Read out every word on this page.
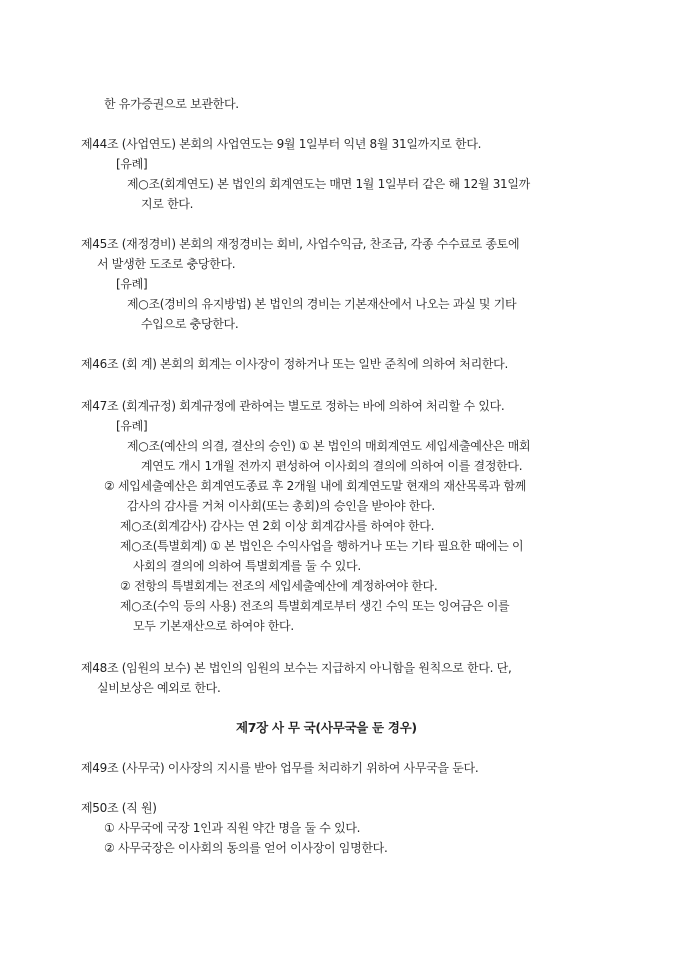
한 유가증권으로 보관한다.
제44조 (사업연도) 본회의 사업연도는 9월 1일부터 익년 8월 31일까지로 한다.
[유례]
제○조(회계연도) 본 법인의 회계연도는 매면 1월 1일부터 같은 해 12월 31일까
지로 한다.
제45조 (재정경비) 본회의 재정경비는 회비, 사업수익금, 찬조금, 각종 수수료로 종토에
서 발생한 도조로 충당한다.
[유례]
제○조(경비의 유지방법) 본 법인의 경비는 기본재산에서 나오는 과실 및 기타
수입으로 충당한다.
제46조 (회 계) 본회의 회계는 이사장이 정하거나 또는 일반 준칙에 의하여 처리한다.
제47조 (회계규정) 회계규정에 관하여는 별도로 정하는 바에 의하여 처리할 수 있다.
[유례]
제○조(예산의 의결, 결산의 승인) ① 본 법인의 매회계연도 세입세출예산은 매회
계연도 개시 1개월 전까지 편성하여 이사회의 결의에 의하여 이를 결정한다.
② 세입세출예산은 회계연도종료 후 2개월 내에 회계연도말 현재의 재산목록과 함께
감사의 감사를 거쳐 이사회(또는 총회)의 승인을 받아야 한다.
제○조(회계감사) 감사는 연 2회 이상 회계감사를 하여야 한다.
제○조(특별회계) ① 본 법인은 수익사업을 행하거나 또는 기타 필요한 때에는 이
사회의 결의에 의하여 특별회계를 둘 수 있다.
② 전항의 특별회계는 전조의 세입세출예산에 계정하여야 한다.
제○조(수익 등의 사용) 전조의 특별회계로부터 생긴 수익 또는 잉여금은 이를
모두 기본재산으로 하여야 한다.
제48조 (임원의 보수) 본 법인의 임원의 보수는 지급하지 아니함을 원칙으로 한다. 단,
실비보상은 예외로 한다.
제7장 사 무 국(사무국을 둔 경우)
제49조 (사무국) 이사장의 지시를 받아 업무를 처리하기 위하여 사무국을 둔다.
제50조 (직 원)
① 사무국에 국장 1인과 직원 약간 명을 둘 수 있다.
② 사무국장은 이사회의 동의를 얻어 이사장이 임명한다.
